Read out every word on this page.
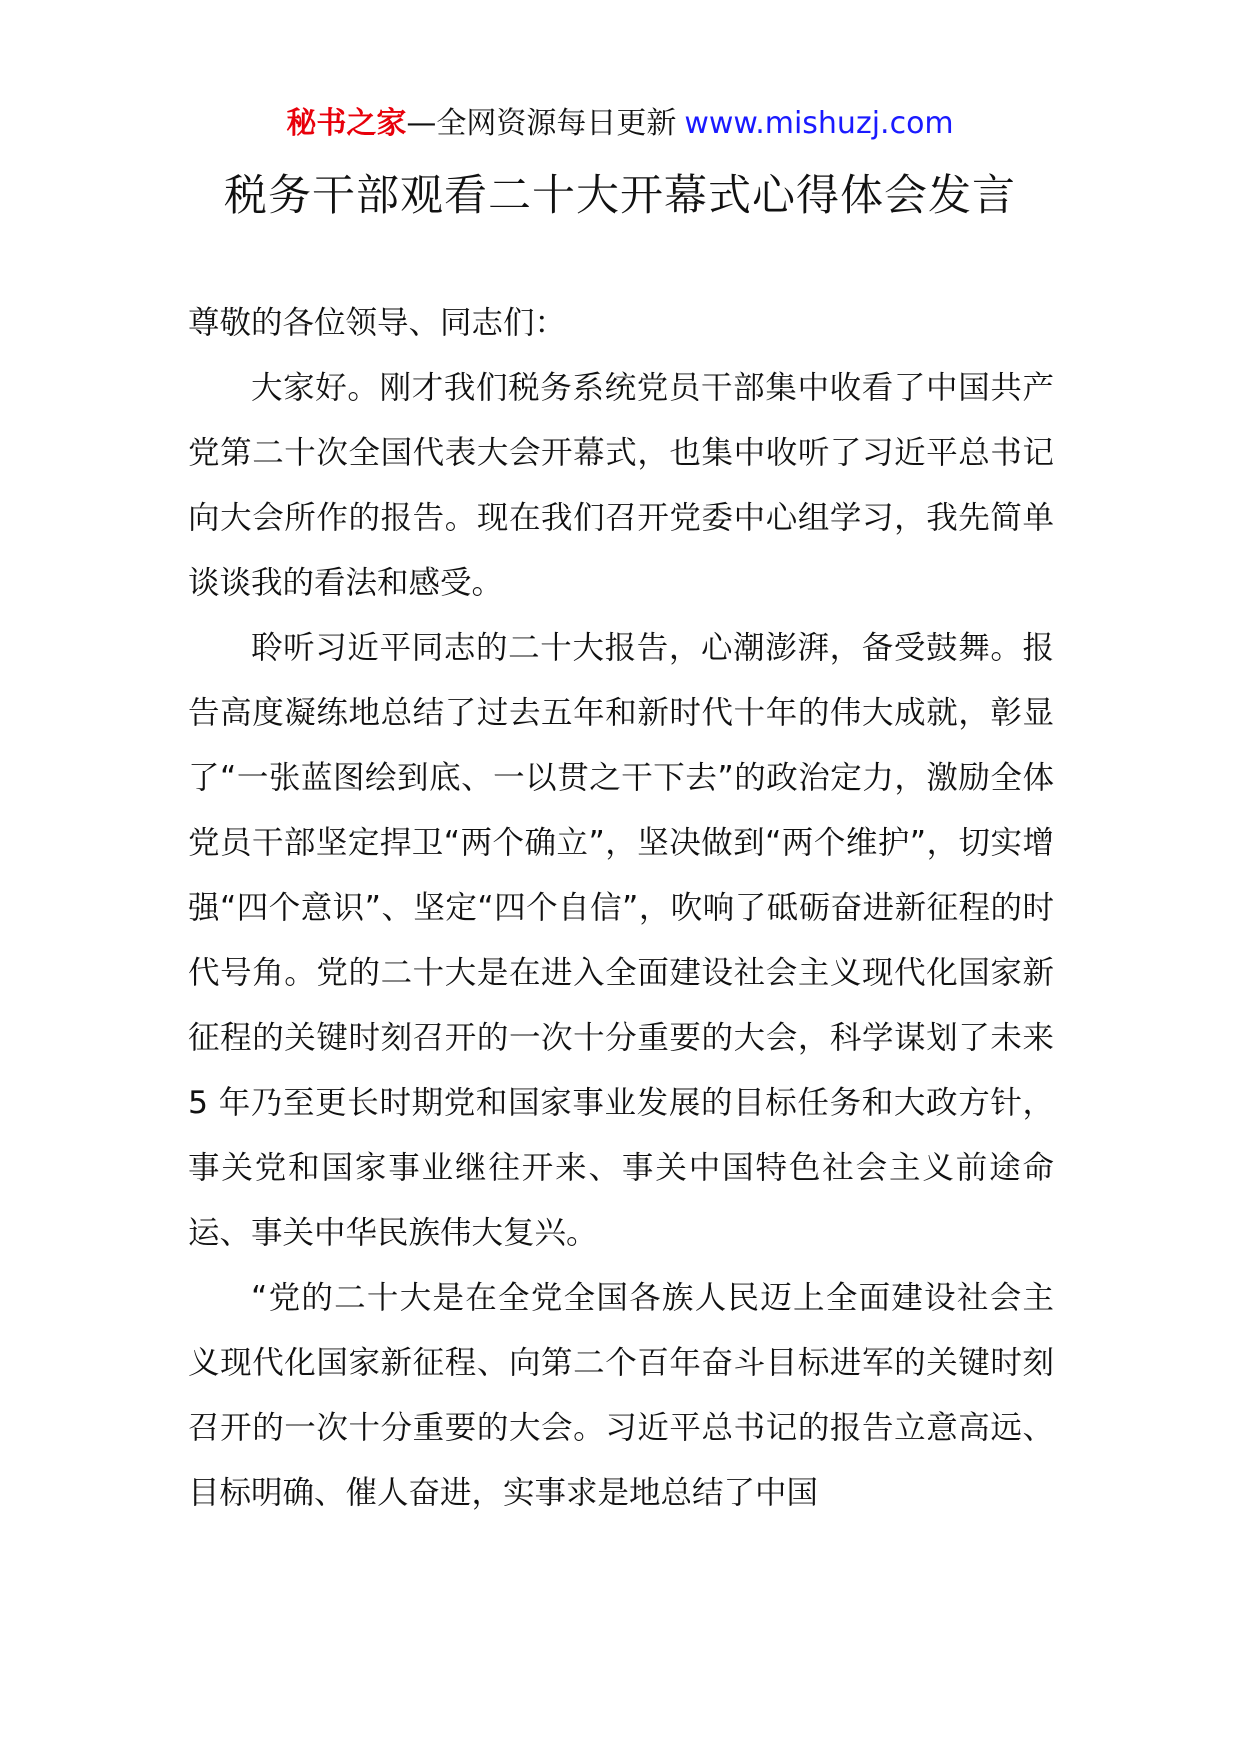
秘书之家—全网资源每日更新 www.mishuzj.com
税务干部观看二十大开幕式心得体会发言

尊敬的各位领导、同志们：

大家好。刚才我们税务系统党员干部集中收看了中国共产党第二十次全国代表大会开幕式，也集中收听了习近平总书记向大会所作的报告。现在我们召开党委中心组学习，我先简单谈谈我的看法和感受。

聆听习近平同志的二十大报告，心潮澎湃，备受鼓舞。报告高度凝练地总结了过去五年和新时代十年的伟大成就，彰显了“一张蓝图绘到底、一以贯之干下去”的政治定力，激励全体党员干部坚定捍卫“两个确立”，坚决做到“两个维护”，切实增强“四个意识”、坚定“四个自信”，吹响了砥砺奋进新征程的时代号角。党的二十大是在进入全面建设社会主义现代化国家新征程的关键时刻召开的一次十分重要的大会，科学谋划了未来 5 年乃至更长时期党和国家事业发展的目标任务和大政方针，事关党和国家事业继往开来、事关中国特色社会主义前途命运、事关中华民族伟大复兴。

“党的二十大是在全党全国各族人民迈上全面建设社会主义现代化国家新征程、向第二个百年奋斗目标进军的关键时刻召开的一次十分重要的大会。习近平总书记的报告立意高远、目标明确、催人奋进，实事求是地总结了中国
